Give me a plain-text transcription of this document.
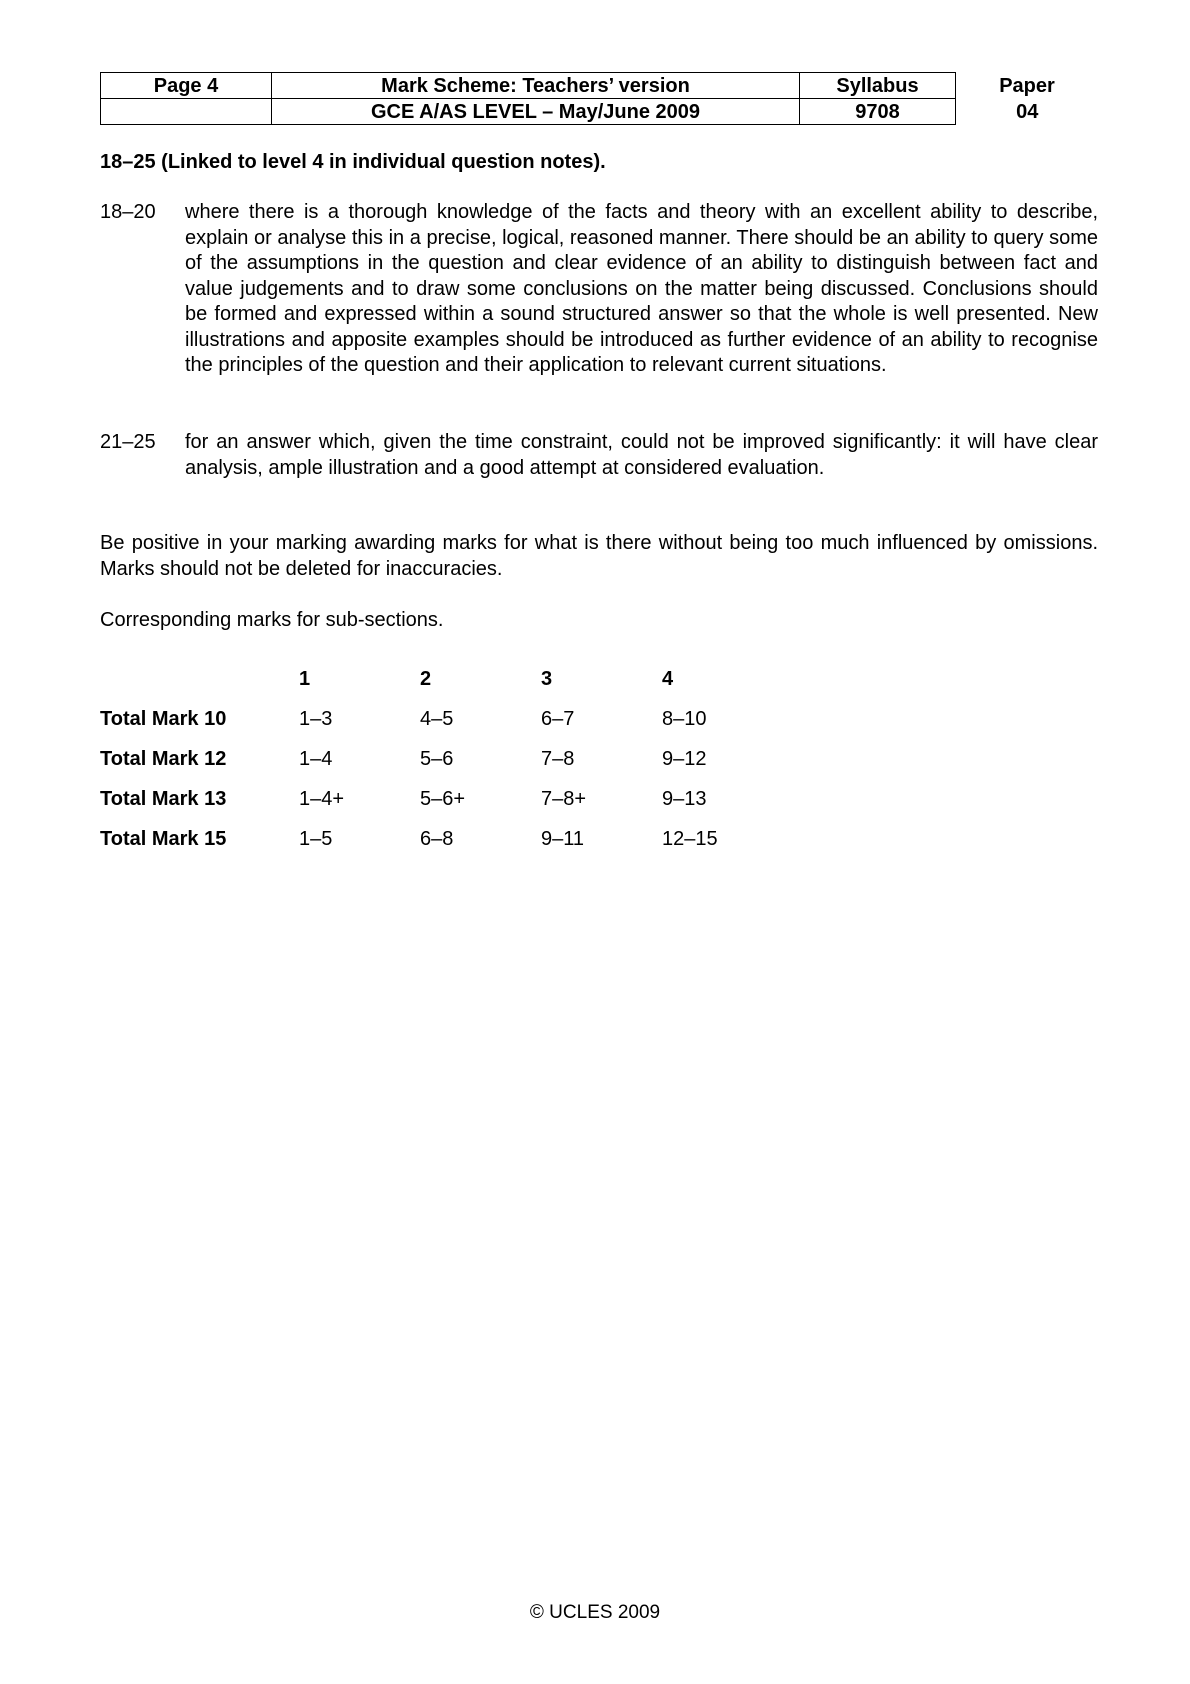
Page 4	Mark Scheme: Teachers’ version	Syllabus	Paper
	GCE A/AS LEVEL – May/June 2009	9708	04
18–25 (Linked to level 4 in individual question notes).
18–20	where there is a thorough knowledge of the facts and theory with an excellent ability to describe, explain or analyse this in a precise, logical, reasoned manner. There should be an ability to query some of the assumptions in the question and clear evidence of an ability to distinguish between fact and value judgements and to draw some conclusions on the matter being discussed. Conclusions should be formed and expressed within a sound structured answer so that the whole is well presented. New illustrations and apposite examples should be introduced as further evidence of an ability to recognise the principles of the question and their application to relevant current situations.
21–25	for an answer which, given the time constraint, could not be improved significantly: it will have clear analysis, ample illustration and a good attempt at considered evaluation.
Be positive in your marking awarding marks for what is there without being too much influenced by omissions. Marks should not be deleted for inaccuracies.
Corresponding marks for sub-sections.
	1	2	3	4
Total Mark 10	1–3	4–5	6–7	8–10
Total Mark 12	1–4	5–6	7–8	9–12
Total Mark 13	1–4+	5–6+	7–8+	9–13
Total Mark 15	1–5	6–8	9–11	12–15
© UCLES 2009
